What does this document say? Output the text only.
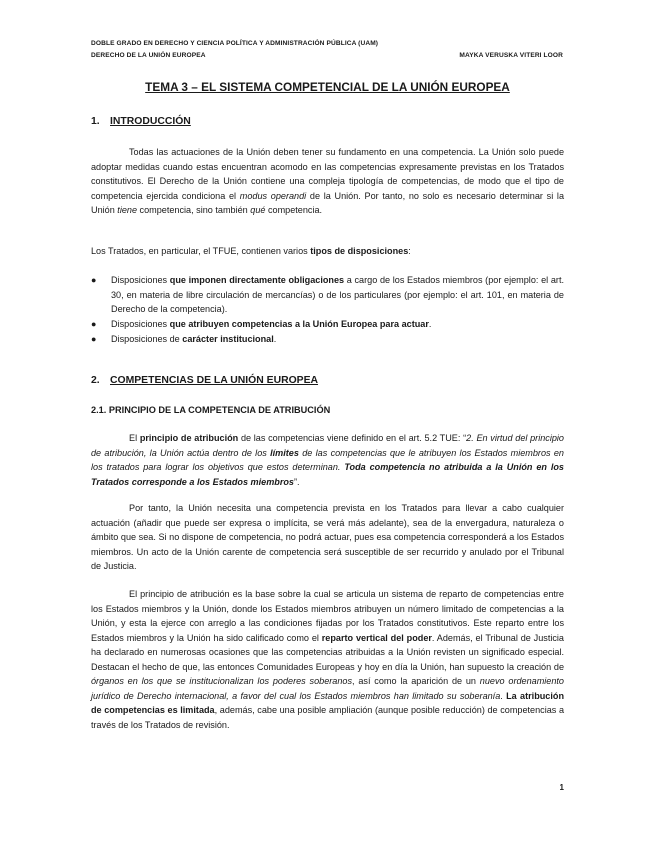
DOBLE GRADO EN DERECHO Y CIENCIA POLÍTICA Y ADMINISTRACIÓN PÚBLICA (UAM)
DERECHO DE LA UNIÓN EUROPEA	MAYKA VERUSKA VITERI LOOR
TEMA 3 – EL SISTEMA COMPETENCIAL DE LA UNIÓN EUROPEA
1. INTRODUCCIÓN

Todas las actuaciones de la Unión deben tener su fundamento en una competencia. La Unión solo puede adoptar medidas cuando estas encuentran acomodo en las competencias expresamente previstas en los Tratados constitutivos. El Derecho de la Unión contiene una compleja tipología de competencias, de modo que el tipo de competencia ejercida condiciona el modus operandi de la Unión. Por tanto, no solo es necesario determinar si la Unión tiene competencia, sino también qué competencia.

Los Tratados, en particular, el TFUE, contienen varios tipos de disposiciones:

● Disposiciones que imponen directamente obligaciones a cargo de los Estados miembros (por ejemplo: el art. 30, en materia de libre circulación de mercancías) o de los particulares (por ejemplo: el art. 101, en materia de Derecho de la competencia).
● Disposiciones que atribuyen competencias a la Unión Europea para actuar.
● Disposiciones de carácter institucional.
2. COMPETENCIAS DE LA UNIÓN EUROPEA
2.1. PRINCIPIO DE LA COMPETENCIA DE ATRIBUCIÓN

El principio de atribución de las competencias viene definido en el art. 5.2 TUE: “2. En virtud del principio de atribución, la Unión actúa dentro de los límites de las competencias que le atribuyen los Estados miembros en los tratados para lograr los objetivos que estos determinan. Toda competencia no atribuida a la Unión en los Tratados corresponde a los Estados miembros”.

Por tanto, la Unión necesita una competencia prevista en los Tratados para llevar a cabo cualquier actuación (añadir que puede ser expresa o implícita, se verá más adelante), sea de la envergadura, naturaleza o ámbito que sea. Si no dispone de competencia, no podrá actuar, pues esa competencia corresponderá a los Estados miembros. Un acto de la Unión carente de competencia será susceptible de ser recurrido y anulado por el Tribunal de Justicia.

El principio de atribución es la base sobre la cual se articula un sistema de reparto de competencias entre los Estados miembros y la Unión, donde los Estados miembros atribuyen un número limitado de competencias a la Unión, y esta la ejerce con arreglo a las condiciones fijadas por los Tratados constitutivos. Este reparto entre los Estados miembros y la Unión ha sido calificado como el reparto vertical del poder. Además, el Tribunal de Justicia ha declarado en numerosas ocasiones que las competencias atribuidas a la Unión revisten un significado especial. Destacan el hecho de que, las entonces Comunidades Europeas y hoy en día la Unión, han supuesto la creación de órganos en los que se institucionalizan los poderes soberanos, así como la aparición de un nuevo ordenamiento jurídico de Derecho internacional, a favor del cual los Estados miembros han limitado su soberanía. La atribución de competencias es limitada, además, cabe una posible ampliación (aunque posible reducción) de competencias a través de los Tratados de revisión.

1
